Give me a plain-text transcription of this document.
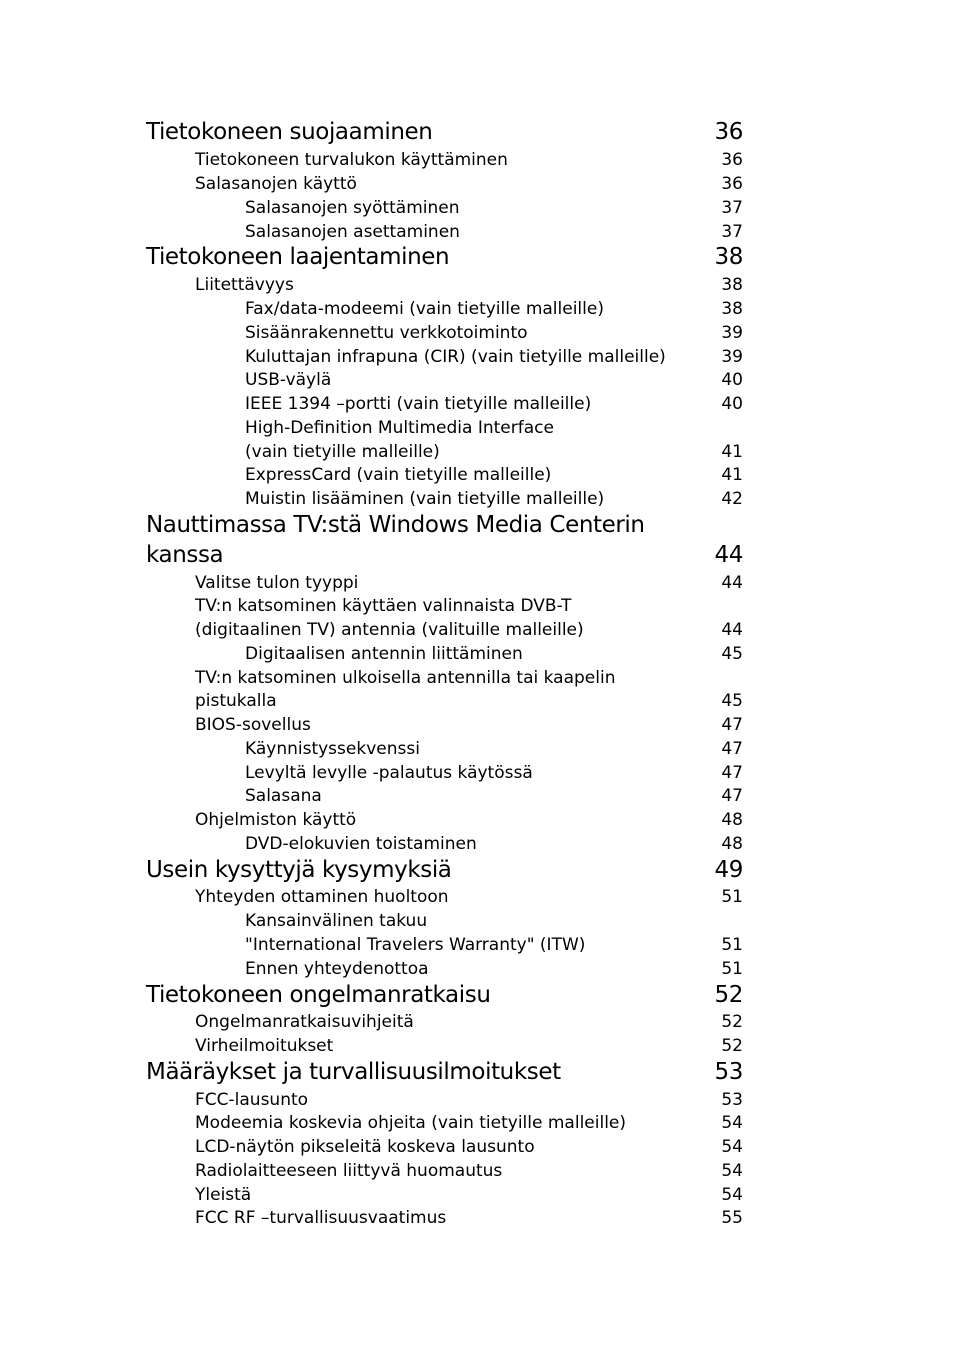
Tietokoneen suojaaminen	36
Tietokoneen turvalukon käyttäminen	36
Salasanojen käyttö	36
Salasanojen syöttäminen	37
Salasanojen asettaminen	37
Tietokoneen laajentaminen	38
Liitettävyys	38
Fax/data-modeemi (vain tietyille malleille)	38
Sisäänrakennettu verkkotoiminto	39
Kuluttajan infrapuna (CIR) (vain tietyille malleille)	39
USB-väylä	40
IEEE 1394 –portti (vain tietyille malleille)	40
High-Definition Multimedia Interface
(vain tietyille malleille)	41
ExpressCard (vain tietyille malleille)	41
Muistin lisääminen (vain tietyille malleille)	42
Nauttimassa TV:stä Windows Media Centerin
kanssa	44
Valitse tulon tyyppi	44
TV:n katsominen käyttäen valinnaista DVB-T
(digitaalinen TV) antennia (valituille malleille)	44
Digitaalisen antennin liittäminen	45
TV:n katsominen ulkoisella antennilla tai kaapelin
pistukalla	45
BIOS-sovellus	47
Käynnistyssekvenssi	47
Levyltä levylle -palautus käytössä	47
Salasana	47
Ohjelmiston käyttö	48
DVD-elokuvien toistaminen	48
Usein kysyttyjä kysymyksiä	49
Yhteyden ottaminen huoltoon	51
Kansainvälinen takuu
"International Travelers Warranty" (ITW)	51
Ennen yhteydenottoa	51
Tietokoneen ongelmanratkaisu	52
Ongelmanratkaisuvihjeitä	52
Virheilmoitukset	52
Määräykset ja turvallisuusilmoitukset	53
FCC-lausunto	53
Modeemia koskevia ohjeita (vain tietyille malleille)	54
LCD-näytön pikseleitä koskeva lausunto	54
Radiolaitteeseen liittyvä huomautus	54
Yleistä	54
FCC RF –turvallisuusvaatimus	55
